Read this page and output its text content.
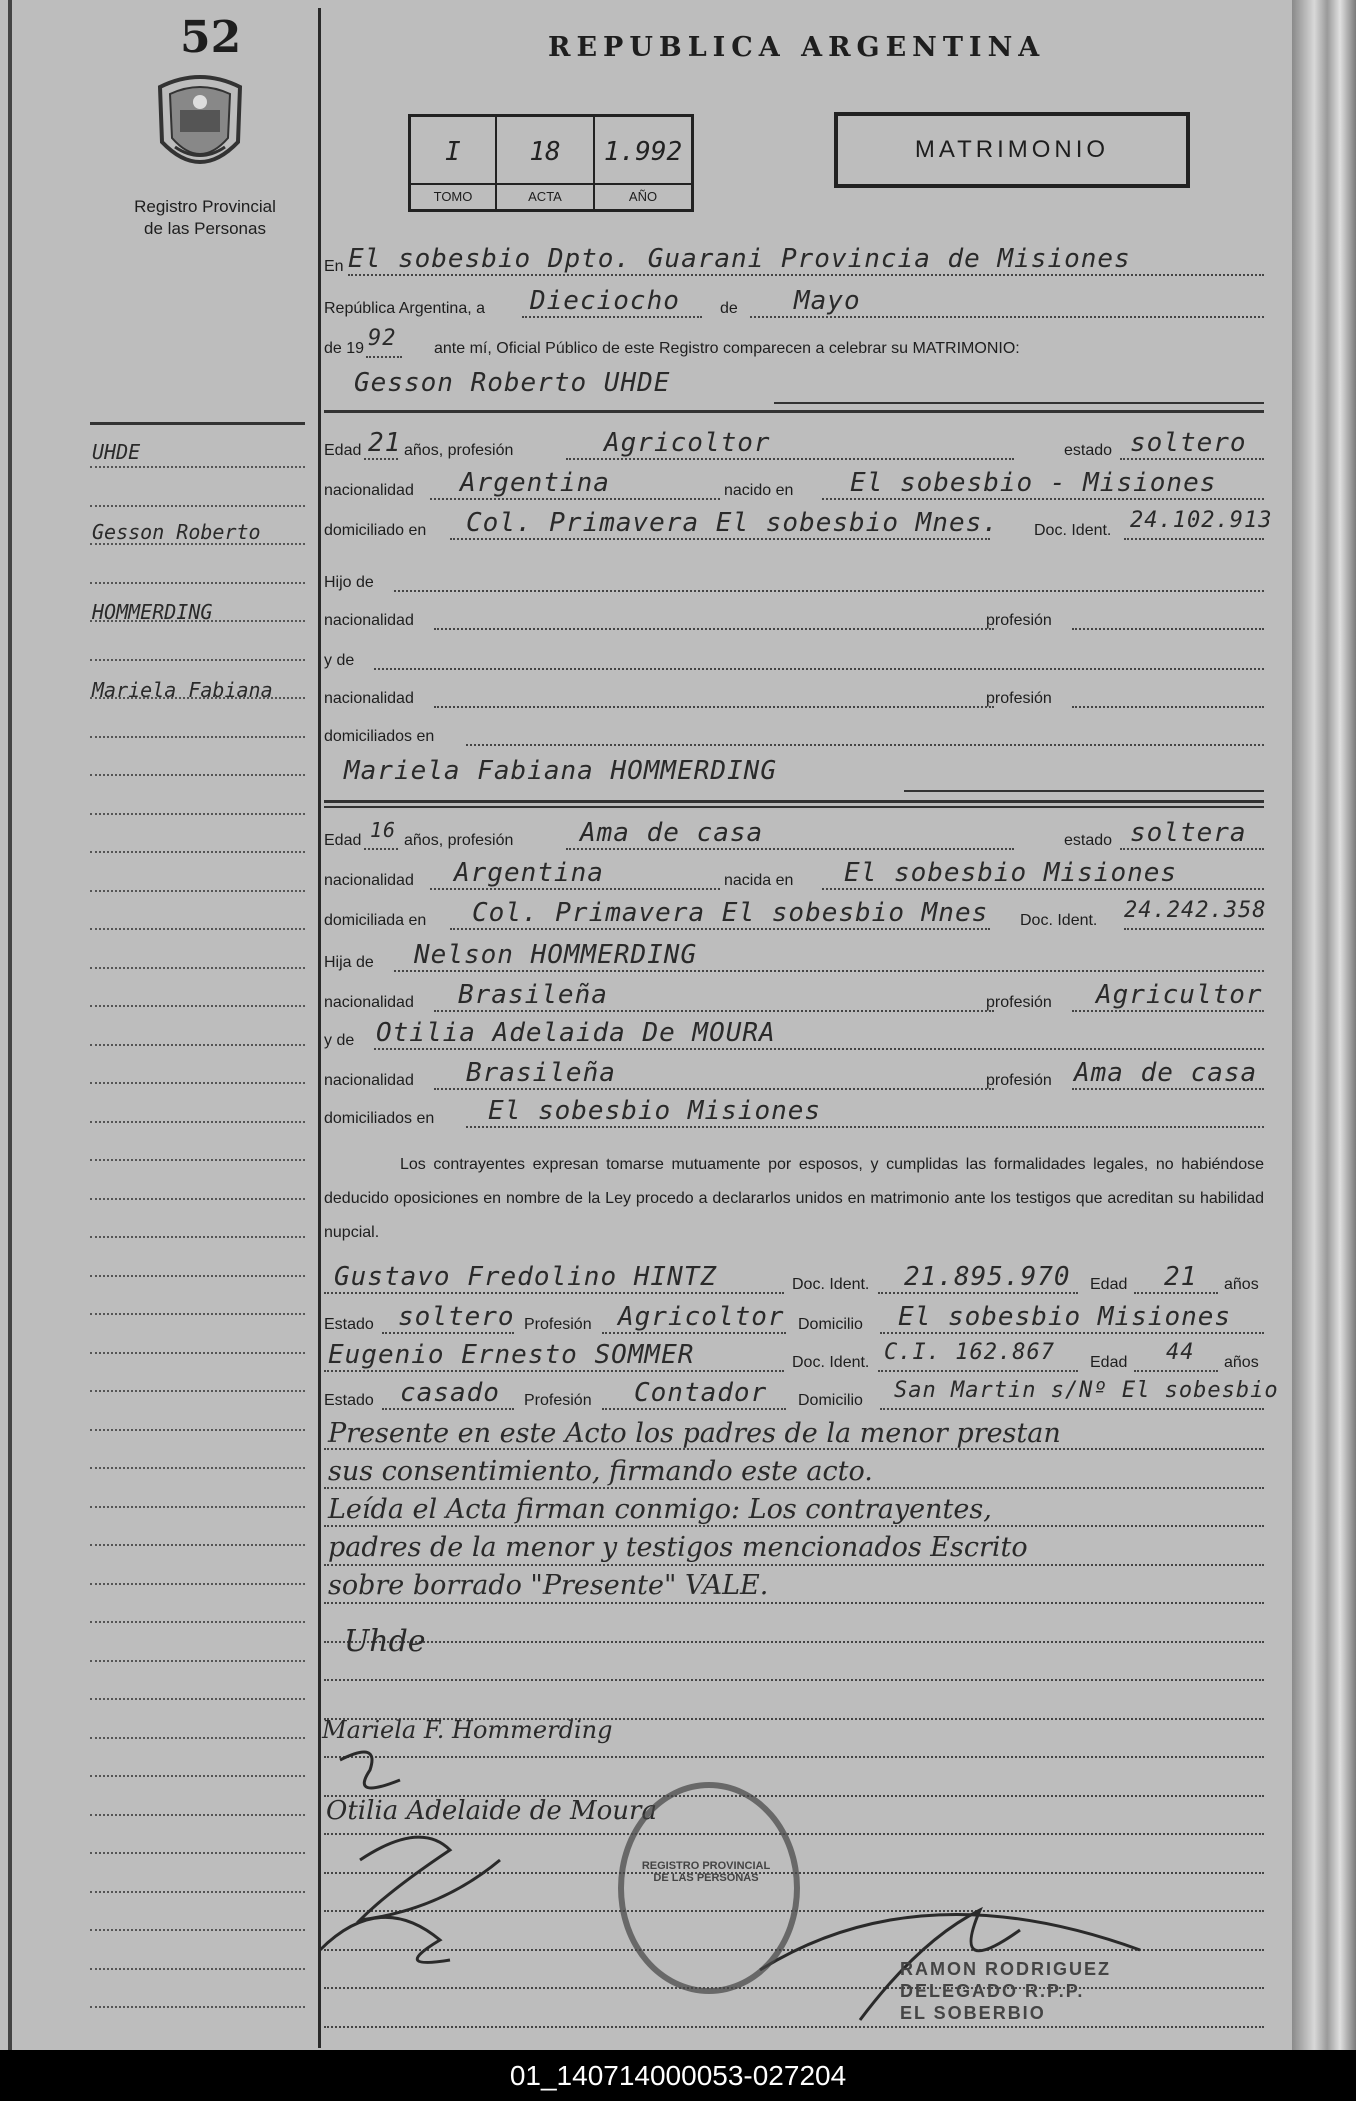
52
Registro Provincial
de las Personas
REPUBLICA ARGENTINA
I
TOMO
18
ACTA
1.992
AÑO
MATRIMONIO
En El sobesbio Dpto. Guarani Provincia de Misiones
República Argentina, a Dieciocho	de Mayo
de 19 92 ante mí, Oficial Público de este Registro comparecen a celebrar su MATRIMONIO:
Gesson Roberto UHDE
Edad 21 años, profesión	Agricoltor	estado soltero
nacionalidad Argentina	nacido en El sobesbio - Misiones
domiciliado en Col. Primavera El sobesbio Mnes. Doc. Ident. 24.102.913
Hijo de
nacionalidad	profesión
y de
nacionalidad	profesión
domiciliados en
Mariela Fabiana HOMMERDING
Edad 16 años, profesión	Ama de casa	estado soltera
nacionalidad Argentina	nacida en El sobesbio Misiones
domiciliada en Col. Primavera El sobesbio Mnes Doc. Ident. 24.242.358
Hija de Nelson HOMMERDING
nacionalidad Brasileña	profesión Agricultor
y de Otilia Adelaida De MOURA
nacionalidad Brasileña	profesión Ama de casa
domiciliados en El sobesbio Misiones
Los contrayentes expresan tomarse mutuamente por esposos, y cumplidas las formalidades legales, no habiéndose deducido oposiciones en nombre de la Ley procedo a declararlos unidos en matrimonio ante los testigos que acreditan su habilidad nupcial.
Gustavo Fredolino HINTZ	Doc. Ident. 21.895.970 Edad 21 años
Estado soltero Profesión Agricoltor Domicilio El sobesbio Misiones
Eugenio Ernesto SOMMER	Doc. Ident. C.I. 162.867 Edad 44 años
Estado casado Profesión Contador Domicilio San Martin s/Nº El sobesbio
Presente en este Acto los padres de la menor prestan
sus consentimiento, firmando este acto.
Leída el Acta firman conmigo: Los contrayentes,
padres de la menor y testigos mencionados Escrito
sobre borrado "Presente" VALE.
Uhde
Mariela F. Hommerding
Otilia Adelaide de Moura
REGISTRO PROVINCIAL DE LAS PERSONAS
RAMON RODRIGUEZ
DELEGADO R.P.P.
EL SOBERBIO
UHDE
Gesson Roberto
HOMMERDING
Mariela Fabiana
01_140714000053-027204
